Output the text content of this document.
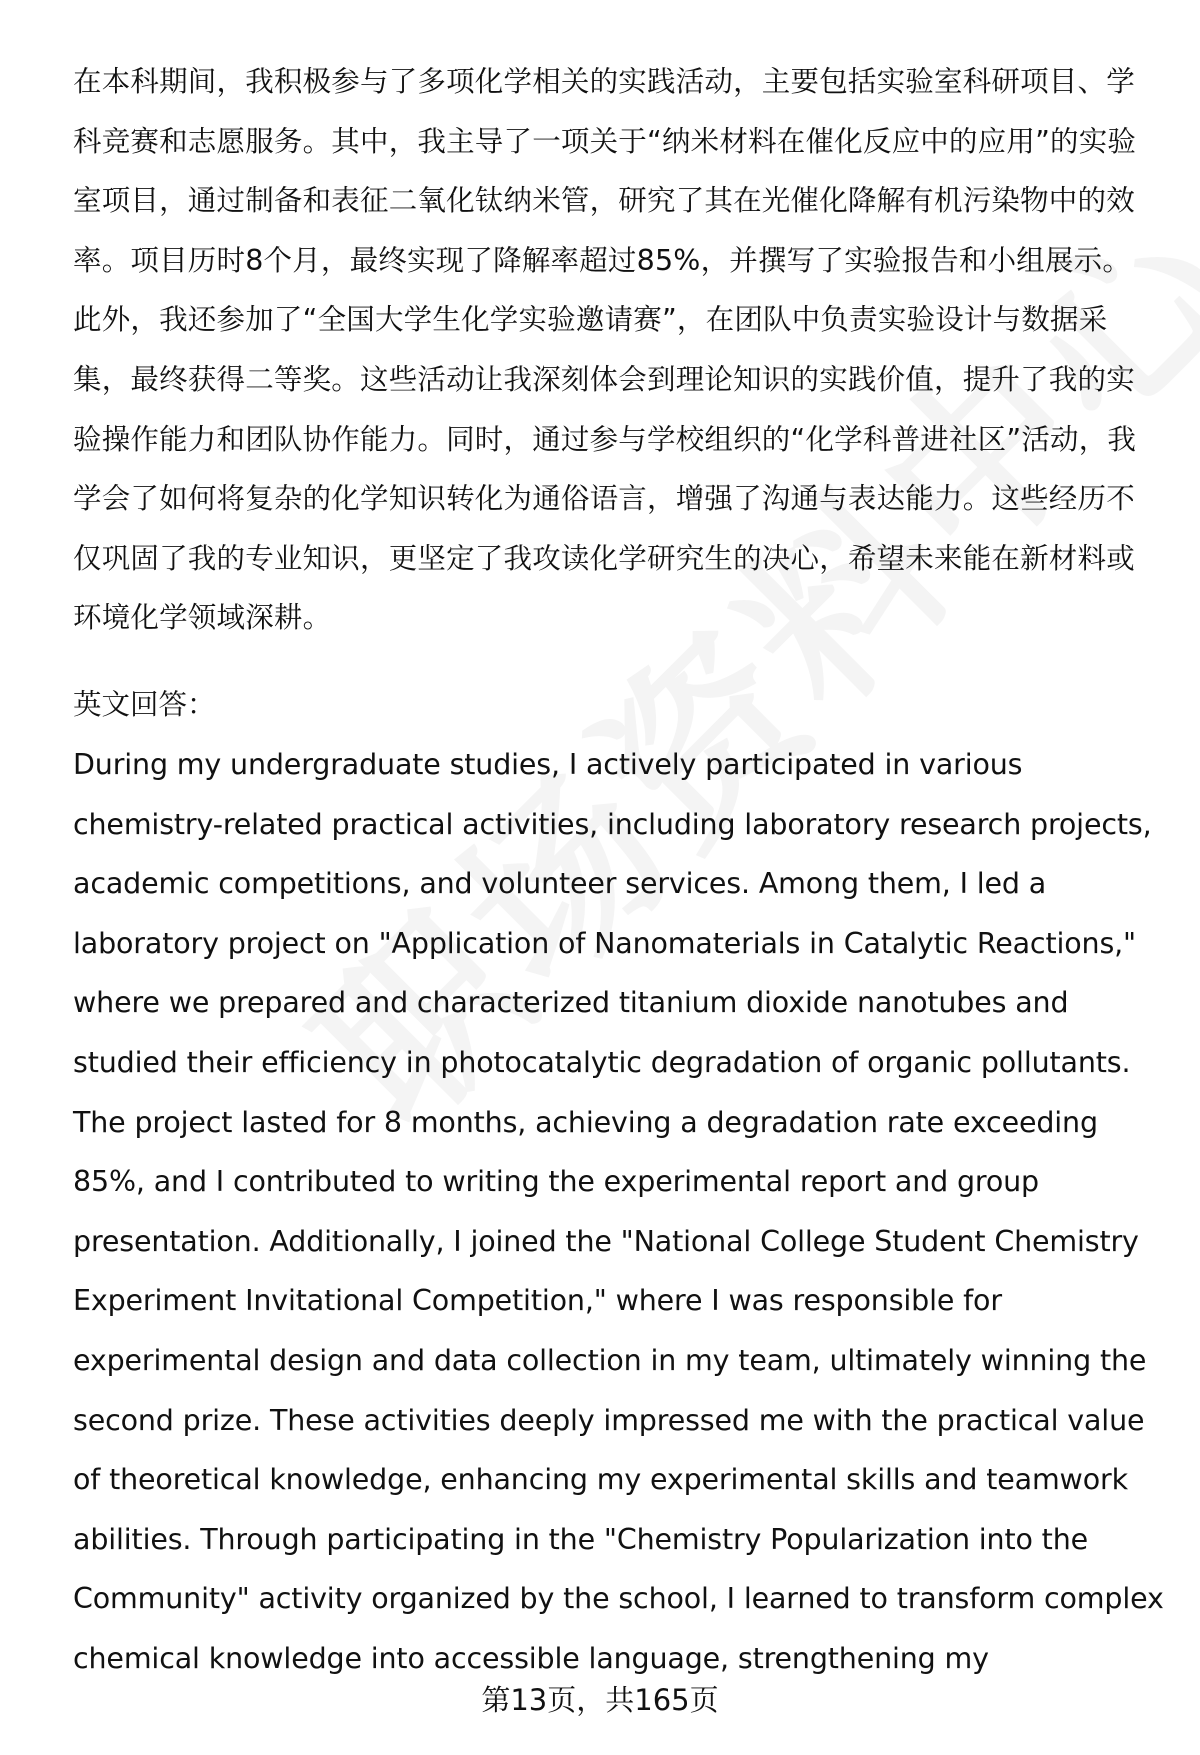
在本科期间，我积极参与了多项化学相关的实践活动，主要包括实验室科研项目、学科竞赛和志愿服务。其中，我主导了一项关于“纳米材料在催化反应中的应用”的实验室项目，通过制备和表征二氧化钛纳米管，研究了其在光催化降解有机污染物中的效率。项目历时8个月，最终实现了降解率超过85%，并撰写了实验报告和小组展示。此外，我还参加了“全国大学生化学实验邀请赛”，在团队中负责实验设计与数据采集，最终获得二等奖。这些活动让我深刻体会到理论知识的实践价值，提升了我的实验操作能力和团队协作能力。同时，通过参与学校组织的“化学科普进社区”活动，我学会了如何将复杂的化学知识转化为通俗语言，增强了沟通与表达能力。这些经历不仅巩固了我的专业知识，更坚定了我攻读化学研究生的决心，希望未来能在新材料或环境化学领域深耕。

英文回答：

During my undergraduate studies, I actively participated in various chemistry-related practical activities, including laboratory research projects, academic competitions, and volunteer services. Among them, I led a laboratory project on "Application of Nanomaterials in Catalytic Reactions," where we prepared and characterized titanium dioxide nanotubes and studied their efficiency in photocatalytic degradation of organic pollutants. The project lasted for 8 months, achieving a degradation rate exceeding 85%, and I contributed to writing the experimental report and group presentation. Additionally, I joined the "National College Student Chemistry Experiment Invitational Competition," where I was responsible for experimental design and data collection in my team, ultimately winning the second prize. These activities deeply impressed me with the practical value of theoretical knowledge, enhancing my experimental skills and teamwork abilities. Through participating in the "Chemistry Popularization into the Community" activity organized by the school, I learned to transform complex chemical knowledge into accessible language, strengthening my

第13页，共165页
